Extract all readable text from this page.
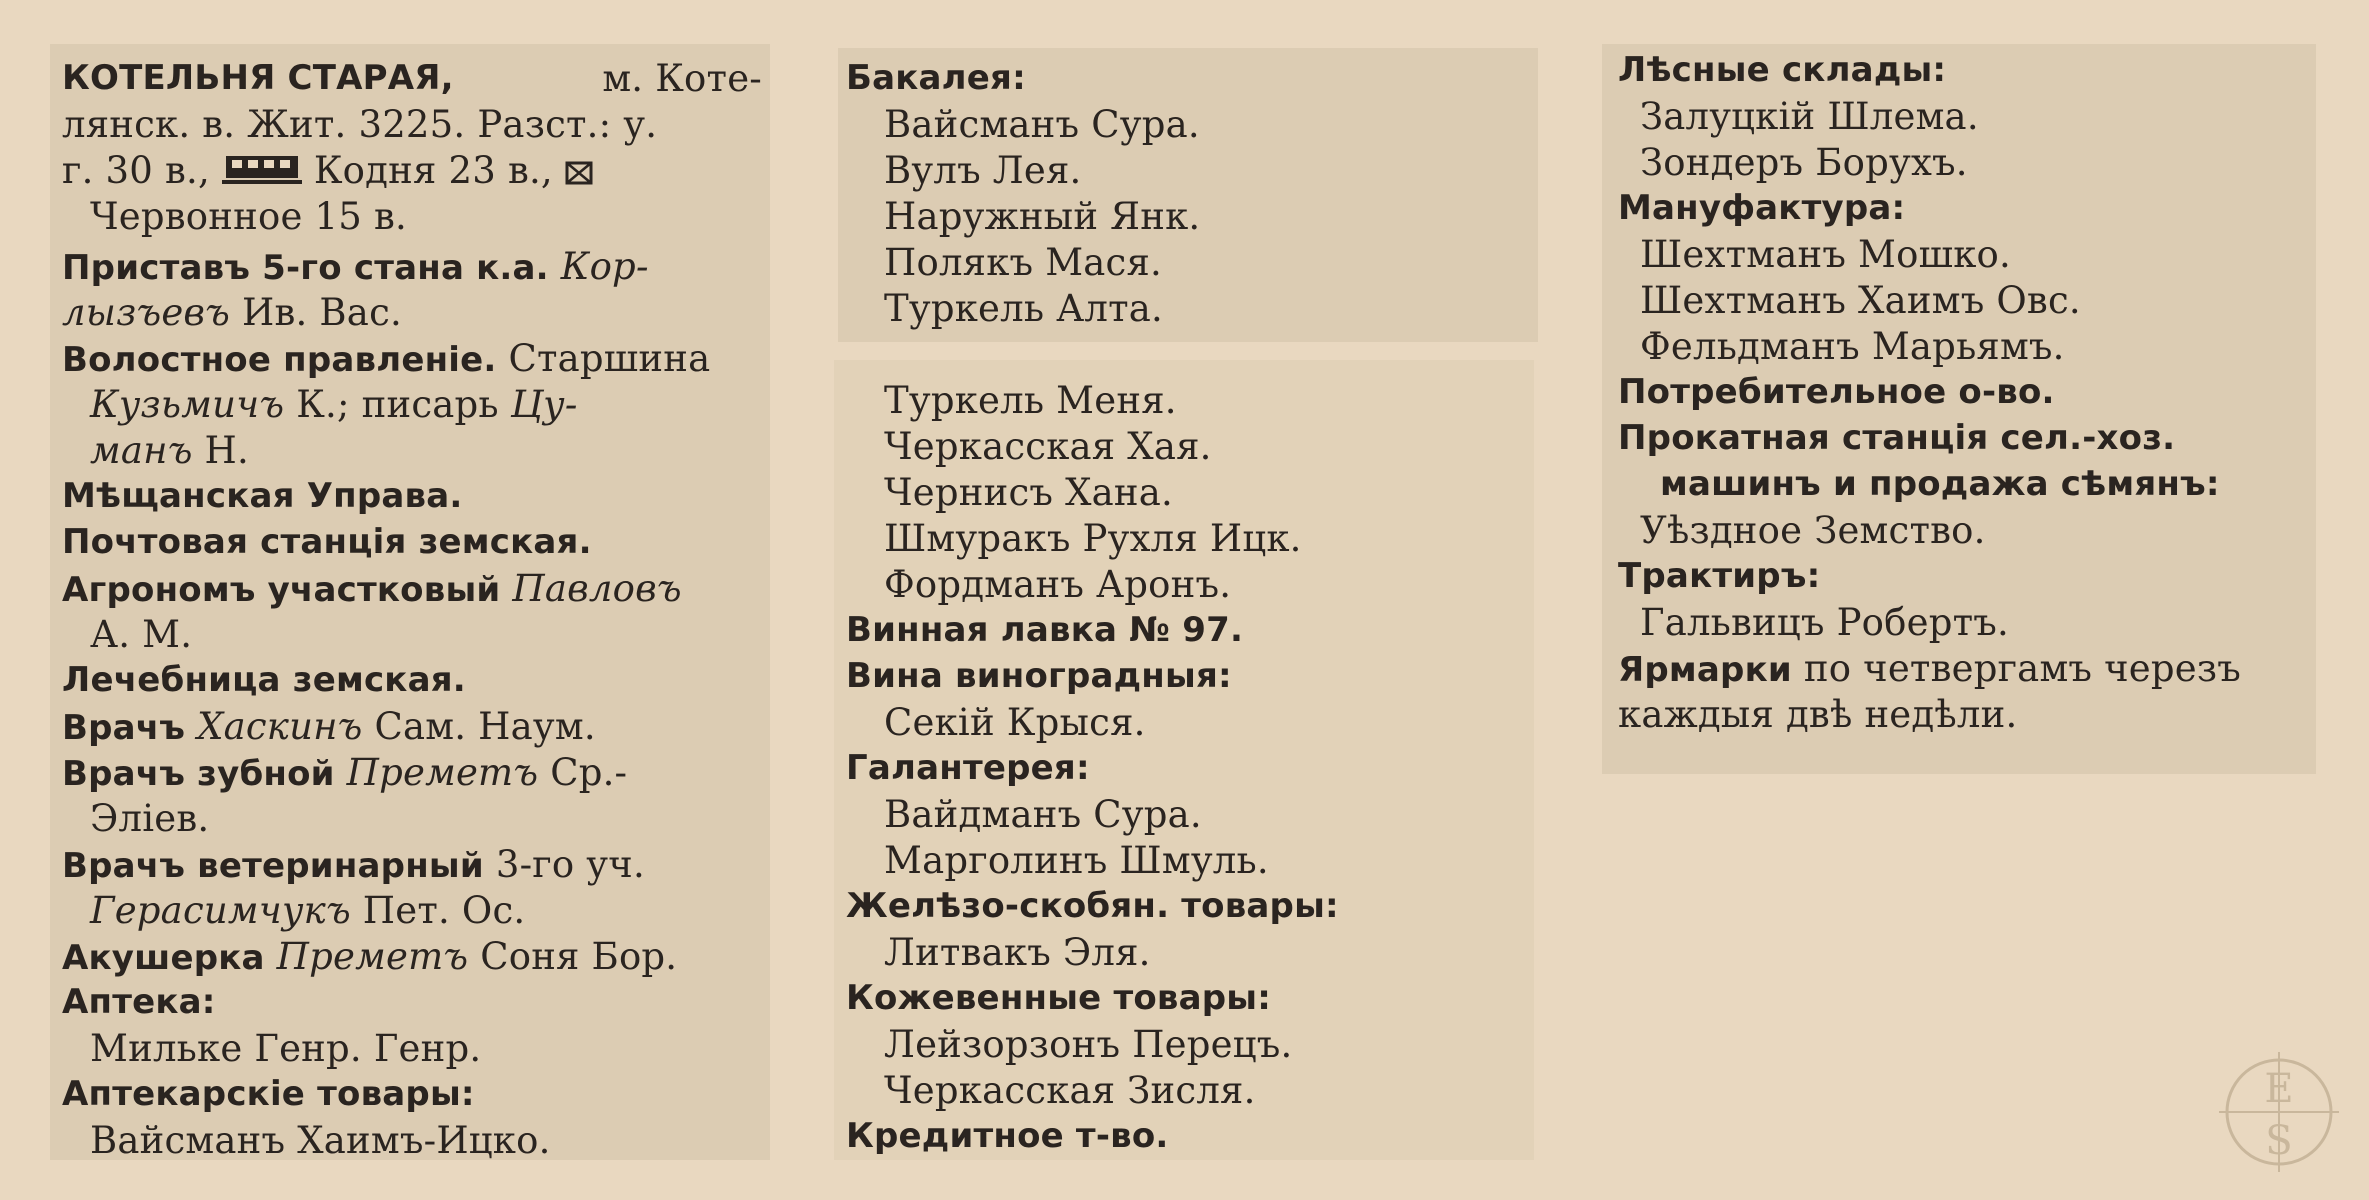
КОТЕЛЬНЯ СТАРАЯ,	м. Коте-
лянск. в. Жит. 3225. Разст.: у.
г. 30 в.,	Кодня 23 в.,
Червонное 15 в.
Приставъ 5-го стана к.а. Кор-
лызъевъ Ив. Вас.
Волостное правленіе. Старшина
Кузьмичъ К.; писарь Цу-
манъ Н.
Мѣщанская Управа.
Почтовая станція земская.
Агрономъ участковый Павловъ
А. М.
Лечебница земская.
Врачъ Хаскинъ Сам. Наум.
Врачъ зубной Преметъ Ср.-
Эліев.
Врачъ ветеринарный 3-го уч.
Герасимчукъ Пет. Ос.
Акушерка Преметъ Соня Бор.
Аптека:
Мильке Генр. Генр.
Аптекарскіе товары:
Вайсманъ Хаимъ-Ицко.
Бакалея:
Вайсманъ Сура.
Вулъ Лея.
Наружный Янк.
Полякъ Мася.
Туркель Алта.
Туркель Меня.
Черкасская Хая.
Чернисъ Хана.
Шмуракъ Рухля Ицк.
Фордманъ Аронъ.
Винная лавка № 97.
Вина виноградныя:
Секій Крыся.
Галантерея:
Вайдманъ Сура.
Марголинъ Шмуль.
Желѣзо-скобян. товары:
Литвакъ Эля.
Кожевенные товары:
Лейзорзонъ Перецъ.
Черкасская Зисля.
Кредитное т-во.
Лѣсные склады:
Залуцкій Шлема.
Зондеръ Борухъ.
Мануфактура:
Шехтманъ Мошко.
Шехтманъ Хаимъ Овс.
Фельдманъ Марьямъ.
Потребительное о-во.
Прокатная станція сел.-хоз.
машинъ и продажа сѣмянъ:
Уѣздное Земство.
Трактиръ:
Гальвицъ Робертъ.
Ярмарки по четвергамъ черезъ
каждыя двѣ недѣли.
E
S
